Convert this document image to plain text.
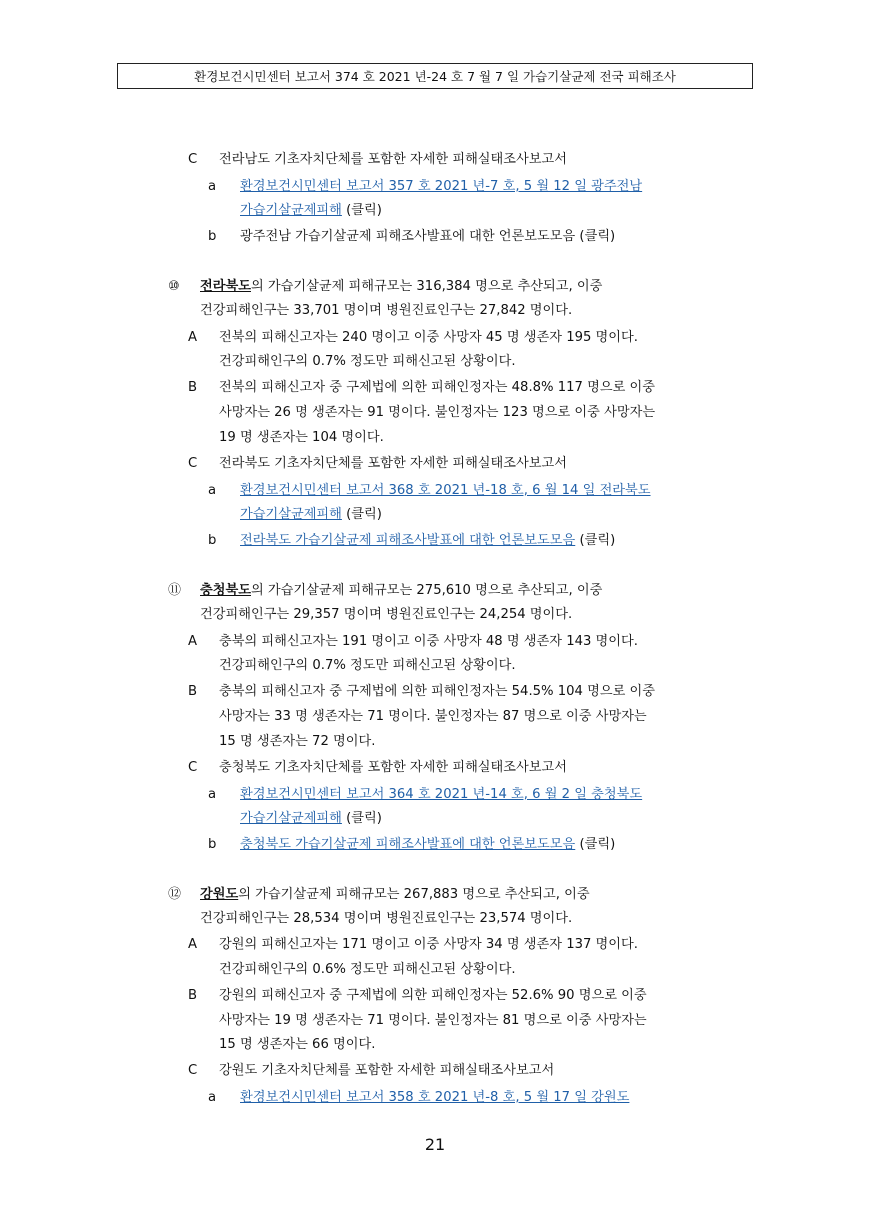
환경보건시민센터 보고서 374 호 2021 년-24 호 7 월 7 일 가습기살균제 전국 피해조사
C 전라남도 기초자치단체를 포함한 자세한 피해실태조사보고서
a 환경보건시민센터 보고서 357 호 2021 년-7 호, 5 월 12 일 광주전남
가습기살균제피해 (클릭)
b 광주전남 가습기살균제 피해조사발표에 대한 언론보도모음 (클릭)
⑩ 전라북도의 가습기살균제 피해규모는 316,384 명으로 추산되고, 이중
건강피해인구는 33,701 명이며 병원진료인구는 27,842 명이다.
A 전북의 피해신고자는 240 명이고 이중 사망자 45 명 생존자 195 명이다.
건강피해인구의 0.7% 정도만 피해신고된 상황이다.
B 전북의 피해신고자 중 구제법에 의한 피해인정자는 48.8% 117 명으로 이중
사망자는 26 명 생존자는 91 명이다. 불인정자는 123 명으로 이중 사망자는
19 명 생존자는 104 명이다.
C 전라북도 기초자치단체를 포함한 자세한 피해실태조사보고서
a 환경보건시민센터 보고서 368 호 2021 년-18 호, 6 월 14 일 전라북도
가습기살균제피해 (클릭)
b 전라북도 가습기살균제 피해조사발표에 대한 언론보도모음 (클릭)
⑪ 충청북도의 가습기살균제 피해규모는 275,610 명으로 추산되고, 이중
건강피해인구는 29,357 명이며 병원진료인구는 24,254 명이다.
A 충북의 피해신고자는 191 명이고 이중 사망자 48 명 생존자 143 명이다.
건강피해인구의 0.7% 정도만 피해신고된 상황이다.
B 충북의 피해신고자 중 구제법에 의한 피해인정자는 54.5% 104 명으로 이중
사망자는 33 명 생존자는 71 명이다. 불인정자는 87 명으로 이중 사망자는
15 명 생존자는 72 명이다.
C 충청북도 기초자치단체를 포함한 자세한 피해실태조사보고서
a 환경보건시민센터 보고서 364 호 2021 년-14 호, 6 월 2 일 충청북도
가습기살균제피해 (클릭)
b 충청북도 가습기살균제 피해조사발표에 대한 언론보도모음 (클릭)
⑫ 강원도의 가습기살균제 피해규모는 267,883 명으로 추산되고, 이중
건강피해인구는 28,534 명이며 병원진료인구는 23,574 명이다.
A 강원의 피해신고자는 171 명이고 이중 사망자 34 명 생존자 137 명이다.
건강피해인구의 0.6% 정도만 피해신고된 상황이다.
B 강원의 피해신고자 중 구제법에 의한 피해인정자는 52.6% 90 명으로 이중
사망자는 19 명 생존자는 71 명이다. 불인정자는 81 명으로 이중 사망자는
15 명 생존자는 66 명이다.
C 강원도 기초자치단체를 포함한 자세한 피해실태조사보고서
a 환경보건시민센터 보고서 358 호 2021 년-8 호, 5 월 17 일 강원도
21
